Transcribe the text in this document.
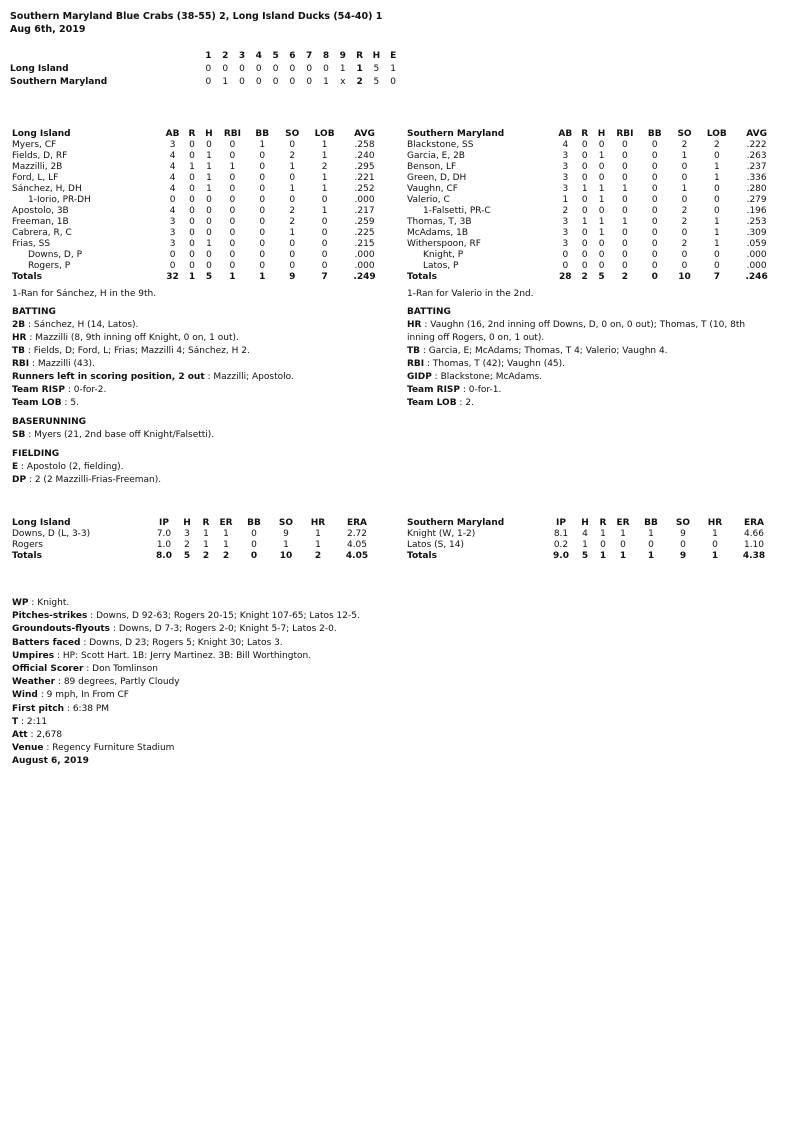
Southern Maryland Blue Crabs (38-55) 2, Long Island Ducks (54-40) 1
Aug 6th, 2019
	1	2	3	4	5	6	7	8	9	R	H	E
Long Island	0	0	0	0	0	0	0	0	1	1	5	1
Southern Maryland	0	1	0	0	0	0	0	1	x	2	5	0
Long Island	AB	R	H	RBI	BB	SO	LOB	AVG
Myers, CF	3	0	0	0	1	0	1	.258
Fields, D, RF	4	0	1	0	0	2	1	.240
Mazzilli, 2B	4	1	1	1	0	1	2	.295
Ford, L, LF	4	0	1	0	0	0	1	.221
Sánchez, H, DH	4	0	1	0	0	1	1	.252
1-Iorio, PR-DH	0	0	0	0	0	0	0	.000
Apostolo, 3B	4	0	0	0	0	2	1	.217
Freeman, 1B	3	0	0	0	0	2	0	.259
Cabrera, R, C	3	0	0	0	0	1	0	.225
Frias, SS	3	0	1	0	0	0	0	.215
Downs, D, P	0	0	0	0	0	0	0	.000
Rogers, P	0	0	0	0	0	0	0	.000
Totals	32	1	5	1	1	9	7	.249
Southern Maryland	AB	R	H	RBI	BB	SO	LOB	AVG
Blackstone, SS	4	0	0	0	0	2	2	.222
Garcia, E, 2B	3	0	1	0	0	1	0	.263
Benson, LF	3	0	0	0	0	0	1	.237
Green, D, DH	3	0	0	0	0	0	1	.336
Vaughn, CF	3	1	1	1	0	1	0	.280
Valerio, C	1	0	1	0	0	0	0	.279
1-Falsetti, PR-C	2	0	0	0	0	2	0	.196
Thomas, T, 3B	3	1	1	1	0	2	1	.253
McAdams, 1B	3	0	1	0	0	0	1	.309
Witherspoon, RF	3	0	0	0	0	2	1	.059
Knight, P	0	0	0	0	0	0	0	.000
Latos, P	0	0	0	0	0	0	0	.000
Totals	28	2	5	2	0	10	7	.246
1-Ran for Sánchez, H in the 9th.	1-Ran for Valerio in the 2nd.
BATTING
2B : Sánchez, H (14, Latos).
HR : Mazzilli (8, 9th inning off Knight, 0 on, 1 out).
TB : Fields, D; Ford, L; Frias; Mazzilli 4; Sánchez, H 2.
RBI : Mazzilli (43).
Runners left in scoring position, 2 out : Mazzilli; Apostolo.
Team RISP : 0-for-2.
Team LOB : 5.
BASERUNNING
SB : Myers (21, 2nd base off Knight/Falsetti).
FIELDING
E : Apostolo (2, fielding).
DP : 2 (2 Mazzilli-Frias-Freeman).
BATTING
HR : Vaughn (16, 2nd inning off Downs, D, 0 on, 0 out); Thomas, T (10, 8th inning off Rogers, 0 on, 1 out).
TB : Garcia, E; McAdams; Thomas, T 4; Valerio; Vaughn 4.
RBI : Thomas, T (42); Vaughn (45).
GIDP : Blackstone; McAdams.
Team RISP : 0-for-1.
Team LOB : 2.
Long Island	IP	H	R	ER	BB	SO	HR	ERA
Downs, D (L, 3-3)	7.0	3	1	1	0	9	1	2.72
Rogers	1.0	2	1	1	0	1	1	4.05
Totals	8.0	5	2	2	0	10	2	4.05
Southern Maryland	IP	H	R	ER	BB	SO	HR	ERA
Knight (W, 1-2)	8.1	4	1	1	1	9	1	4.66
Latos (S, 14)	0.2	1	0	0	0	0	0	1.10
Totals	9.0	5	1	1	1	9	1	4.38
WP : Knight.
Pitches-strikes : Downs, D 92-63; Rogers 20-15; Knight 107-65; Latos 12-5.
Groundouts-flyouts : Downs, D 7-3; Rogers 2-0; Knight 5-7; Latos 2-0.
Batters faced : Downs, D 23; Rogers 5; Knight 30; Latos 3.
Umpires : HP: Scott Hart. 1B: Jerry Martinez. 3B: Bill Worthington.
Official Scorer : Don Tomlinson
Weather : 89 degrees, Partly Cloudy
Wind : 9 mph, In From CF
First pitch : 6:38 PM
T : 2:11
Att : 2,678
Venue : Regency Furniture Stadium
August 6, 2019
